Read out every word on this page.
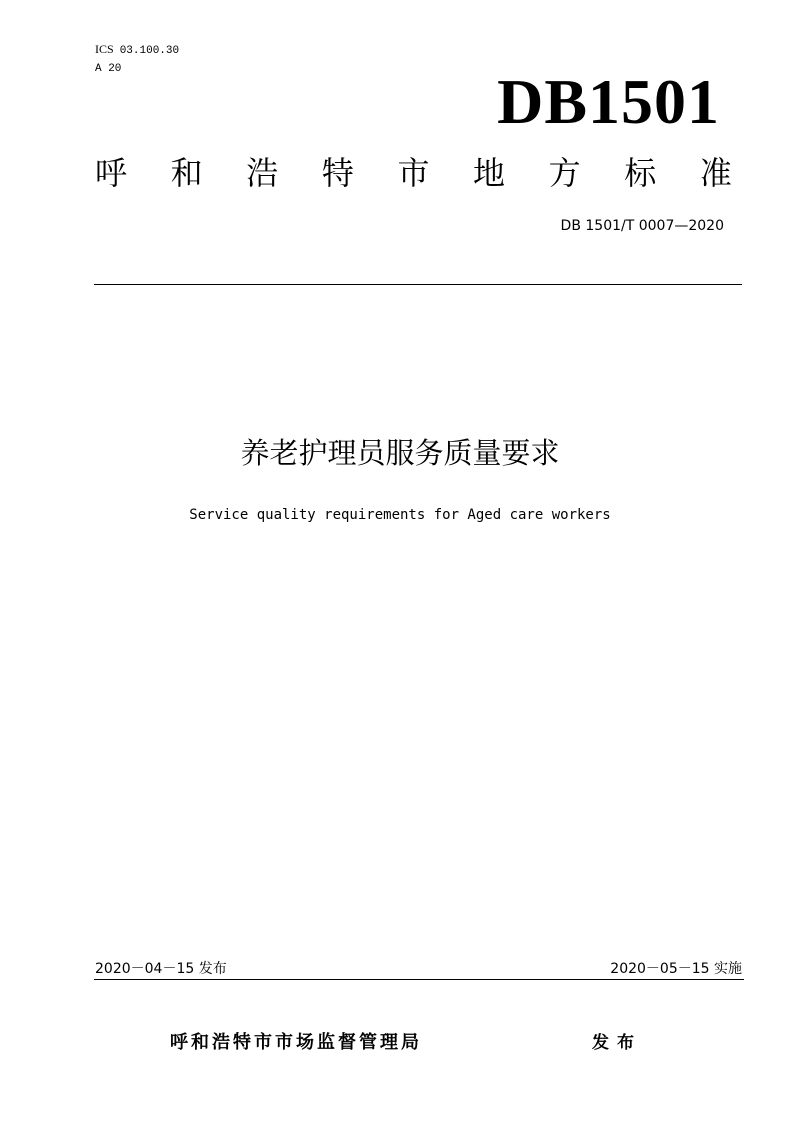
ICS 03.100.30
A 20	DB1501
呼 和 浩 特 市 地 方 标 准
DB 1501/T 0007—2020
养老护理员服务质量要求
Service quality requirements for Aged care workers
2020－04－15 发布	2020－05－15 实施
呼和浩特市市场监督管理局	发布
